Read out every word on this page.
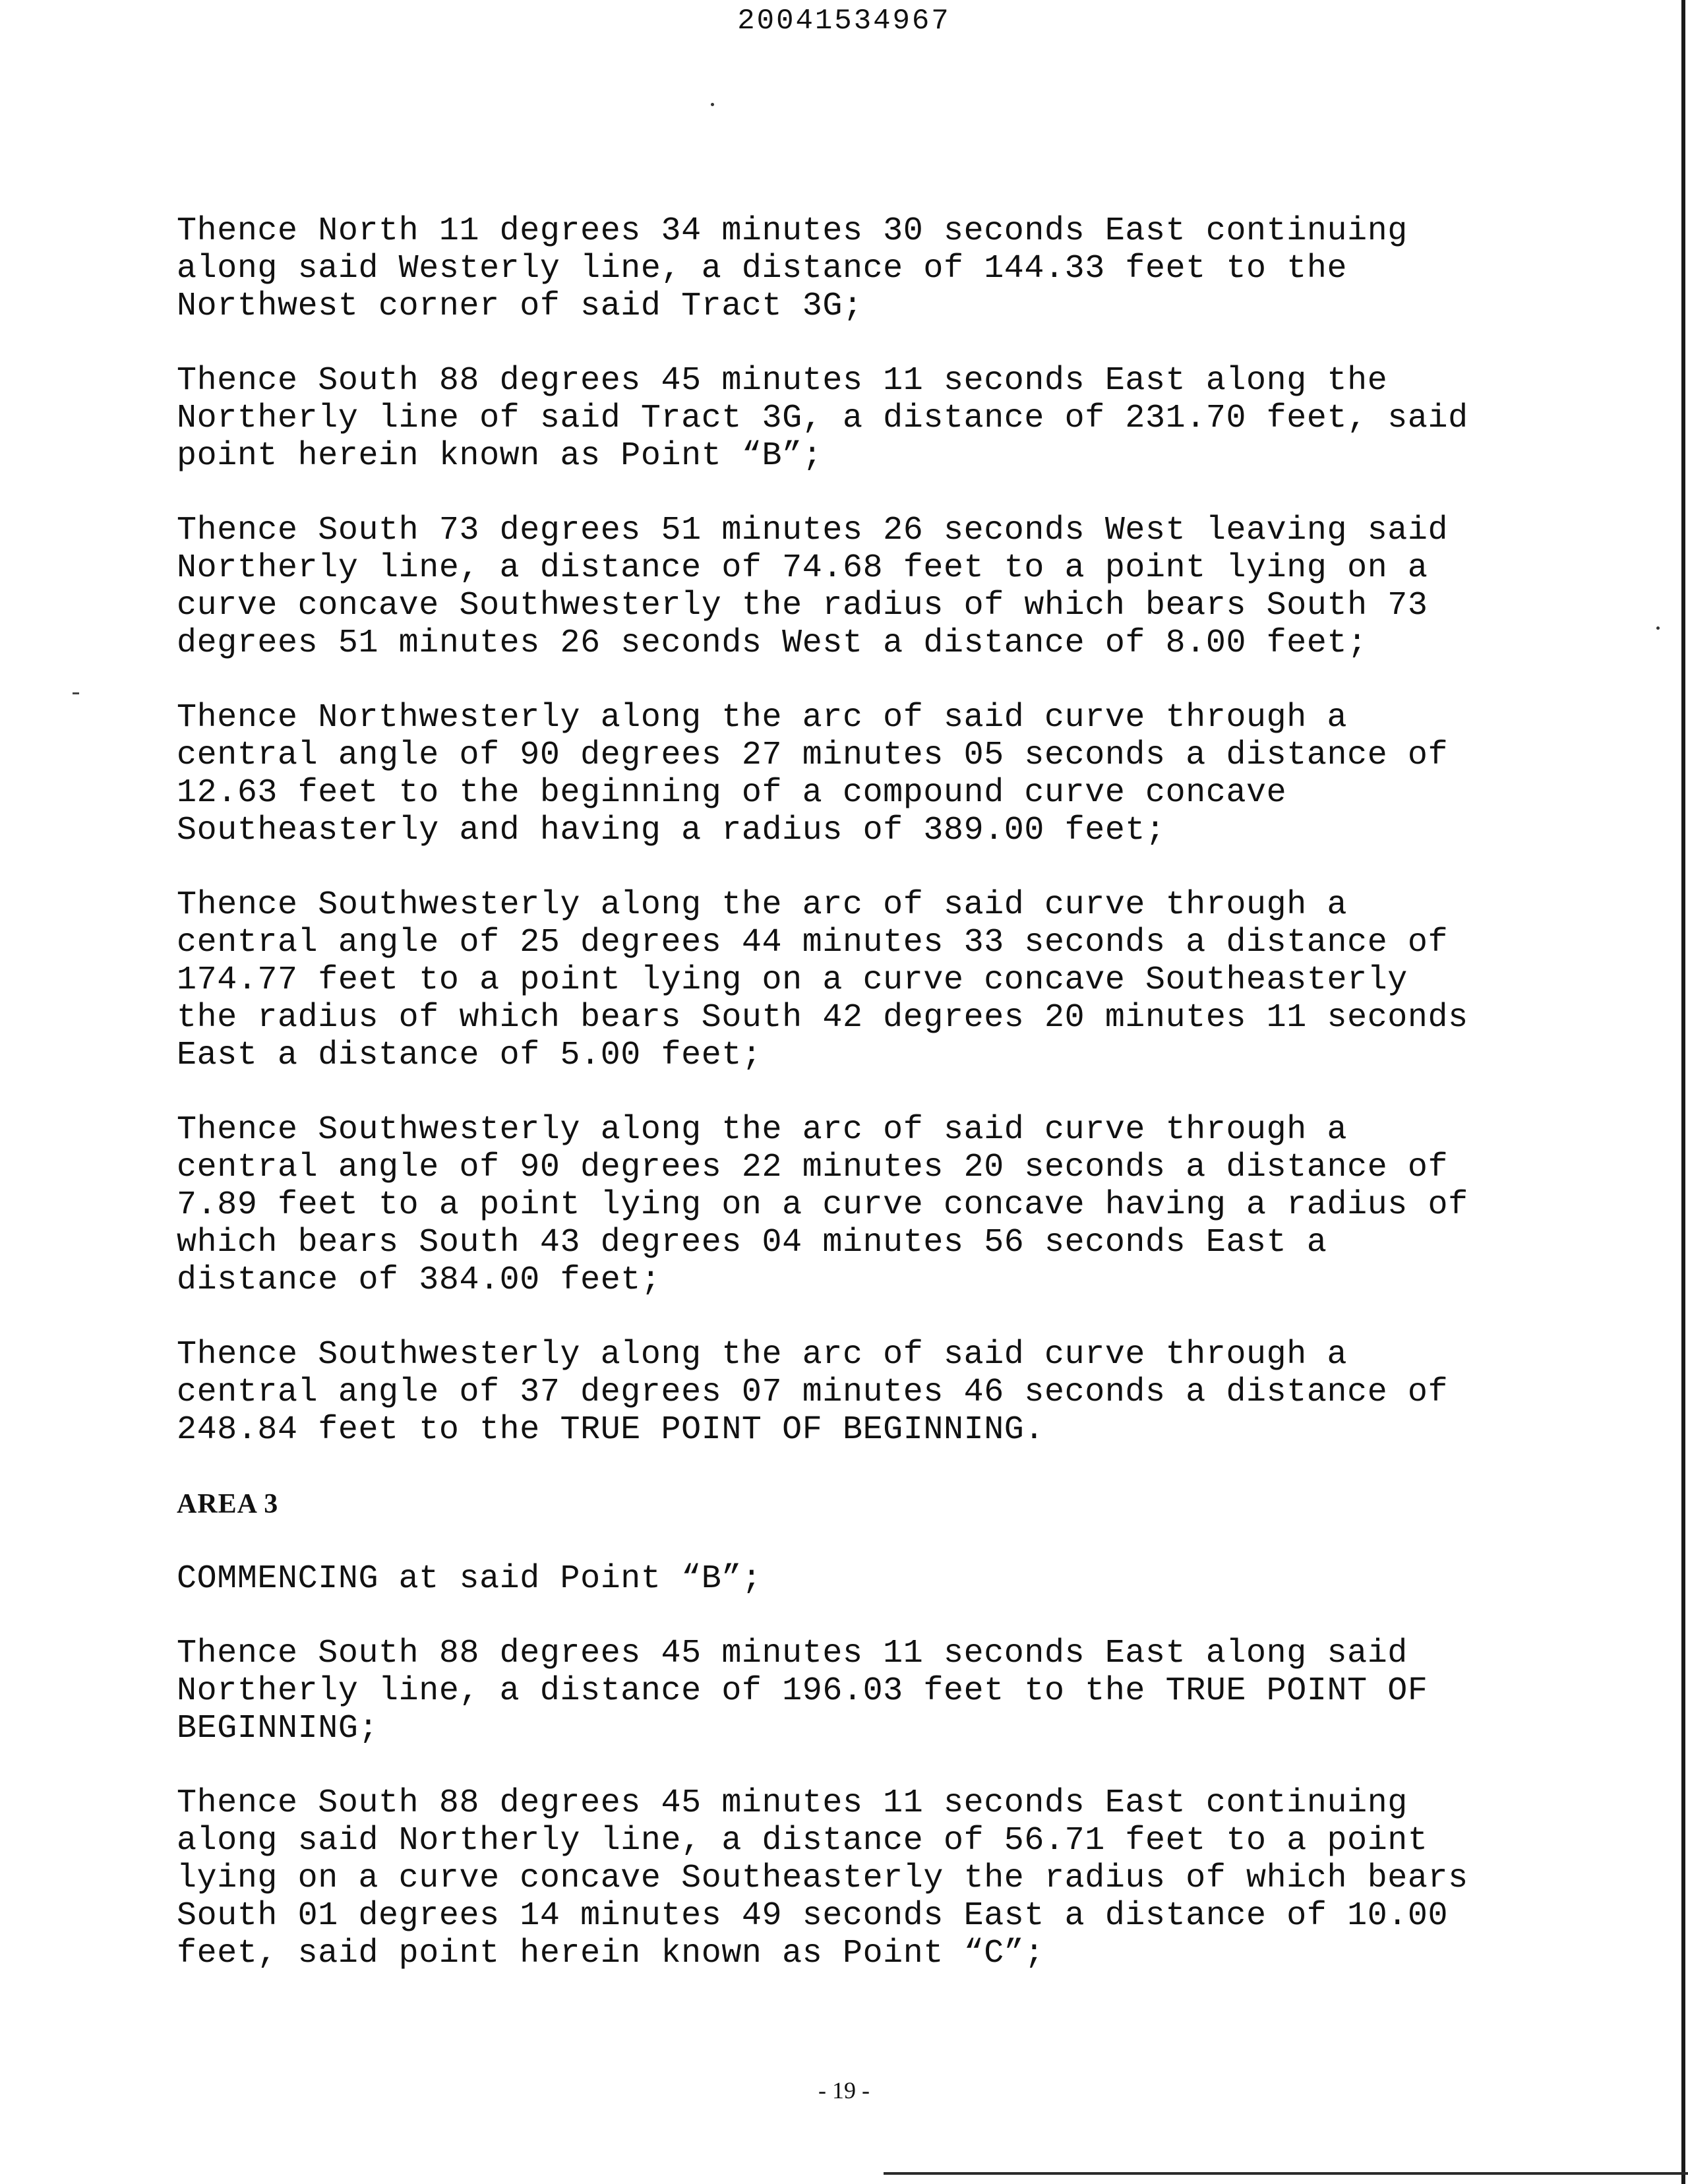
20041534967

Thence North 11 degrees 34 minutes 30 seconds East continuing
along said Westerly line, a distance of 144.33 feet to the
Northwest corner of said Tract 3G;

Thence South 88 degrees 45 minutes 11 seconds East along the
Northerly line of said Tract 3G, a distance of 231.70 feet, said
point herein known as Point “B”;

Thence South 73 degrees 51 minutes 26 seconds West leaving said
Northerly line, a distance of 74.68 feet to a point lying on a
curve concave Southwesterly the radius of which bears South 73
degrees 51 minutes 26 seconds West a distance of 8.00 feet;

Thence Northwesterly along the arc of said curve through a
central angle of 90 degrees 27 minutes 05 seconds a distance of
12.63 feet to the beginning of a compound curve concave
Southeasterly and having a radius of 389.00 feet;

Thence Southwesterly along the arc of said curve through a
central angle of 25 degrees 44 minutes 33 seconds a distance of
174.77 feet to a point lying on a curve concave Southeasterly
the radius of which bears South 42 degrees 20 minutes 11 seconds
East a distance of 5.00 feet;

Thence Southwesterly along the arc of said curve through a
central angle of 90 degrees 22 minutes 20 seconds a distance of
7.89 feet to a point lying on a curve concave having a radius of
which bears South 43 degrees 04 minutes 56 seconds East a
distance of 384.00 feet;

Thence Southwesterly along the arc of said curve through a
central angle of 37 degrees 07 minutes 46 seconds a distance of
248.84 feet to the TRUE POINT OF BEGINNING.

AREA 3

COMMENCING at said Point “B”;

Thence South 88 degrees 45 minutes 11 seconds East along said
Northerly line, a distance of 196.03 feet to the TRUE POINT OF
BEGINNING;

Thence South 88 degrees 45 minutes 11 seconds East continuing
along said Northerly line, a distance of 56.71 feet to a point
lying on a curve concave Southeasterly the radius of which bears
South 01 degrees 14 minutes 49 seconds East a distance of 10.00
feet, said point herein known as Point “C”;

- 19 -
